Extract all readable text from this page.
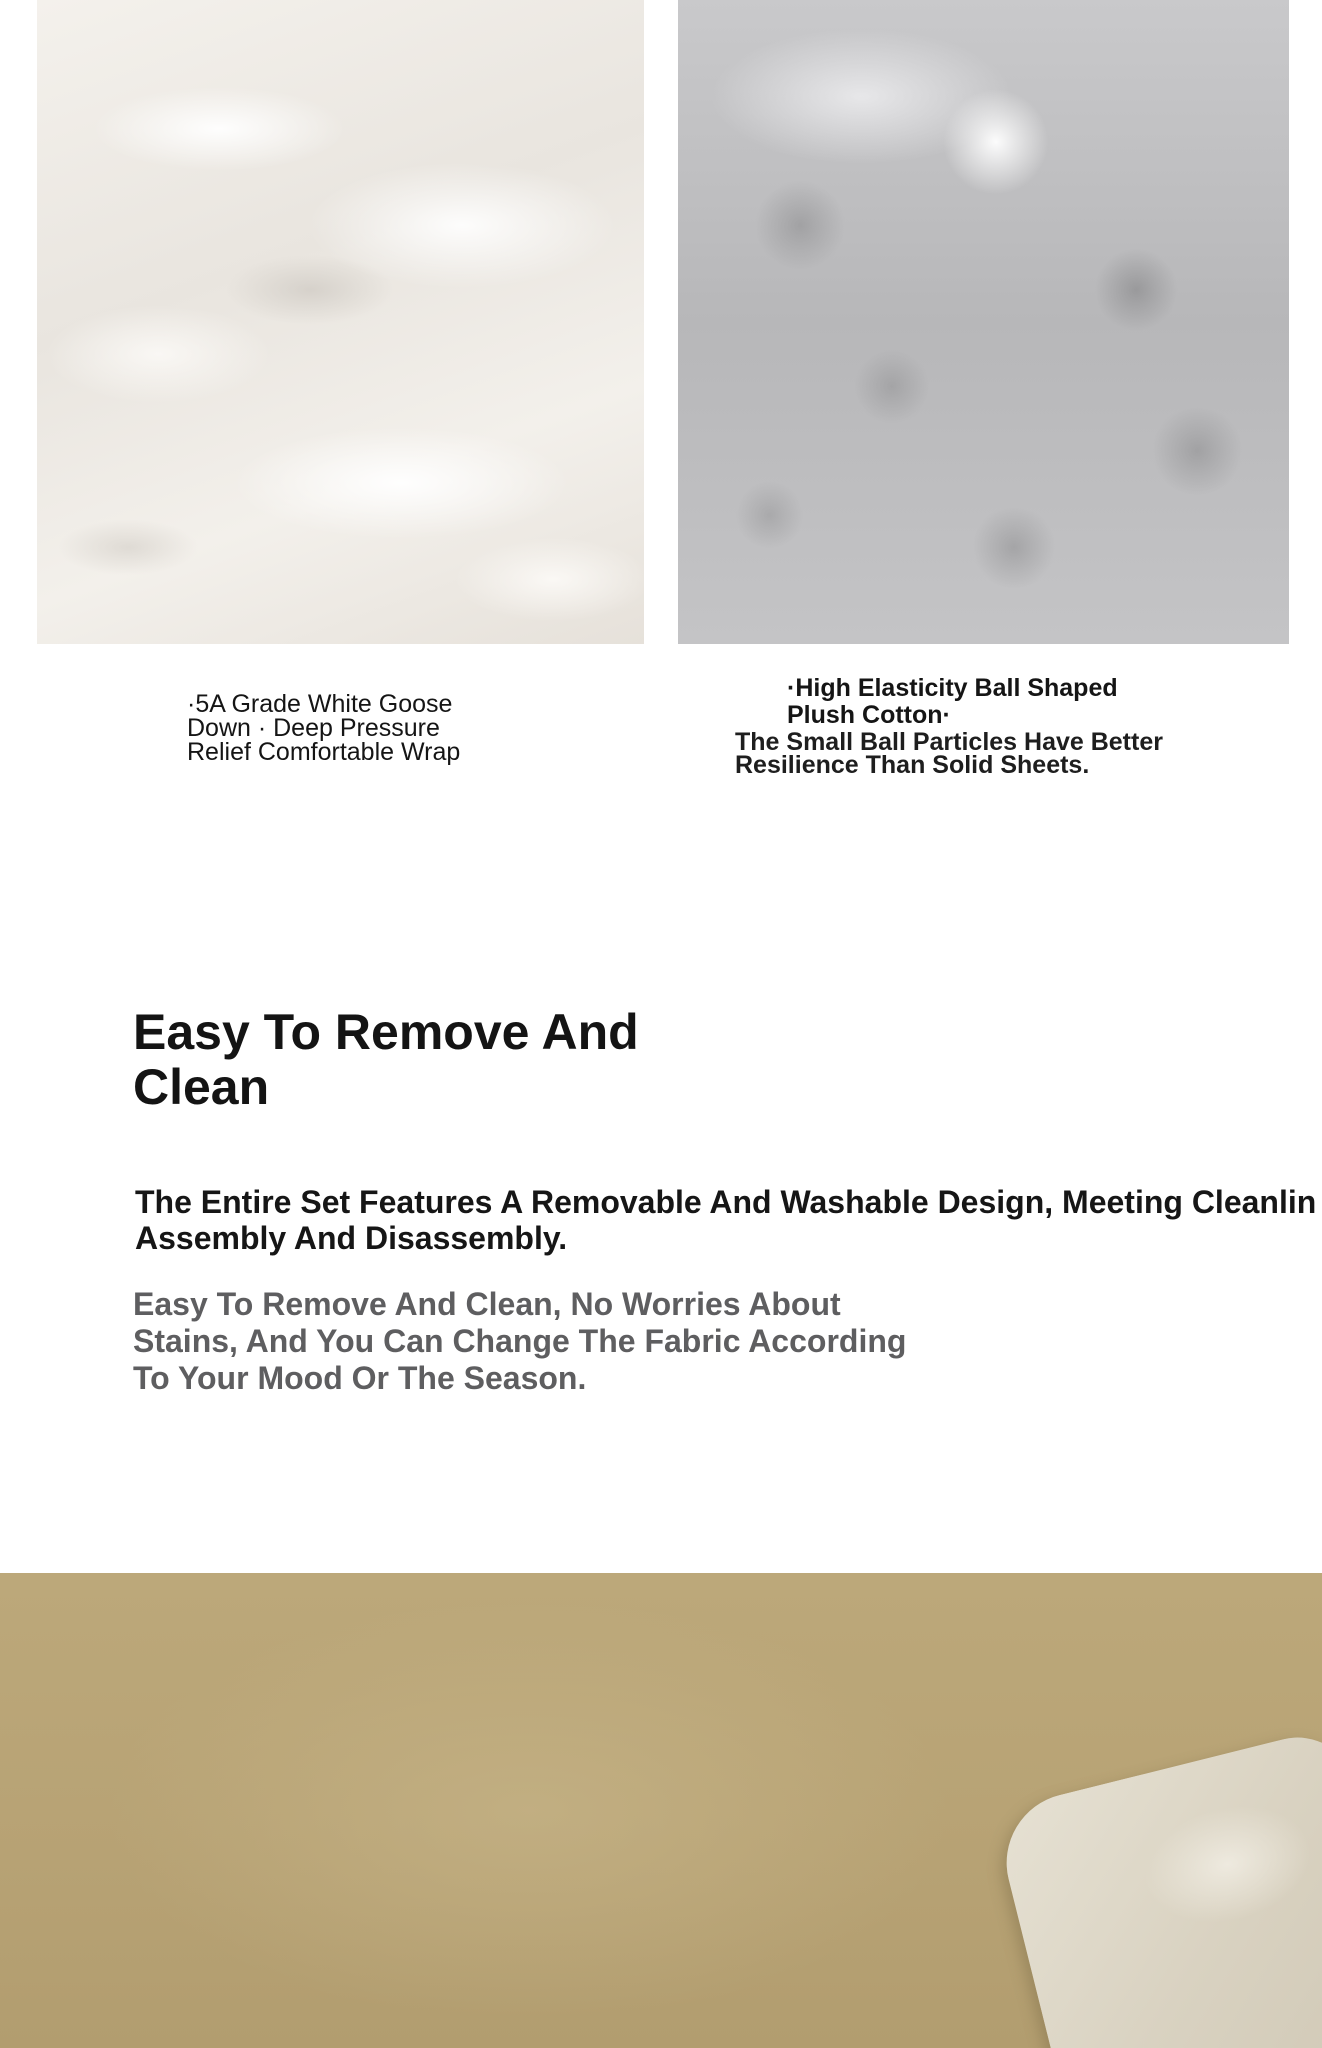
·5A Grade White Goose Down · Deep Pressure Relief Comfortable Wrap

·High Elasticity Ball Shaped Plush Cotton·

The Small Ball Particles Have Better Resilience Than Solid Sheets.

Easy To Remove And Clean

The Entire Set Features A Removable And Washable Design, Meeting Cleanlin Assembly And Disassembly.

Easy To Remove And Clean, No Worries About Stains, And You Can Change The Fabric According To Your Mood Or The Season.
